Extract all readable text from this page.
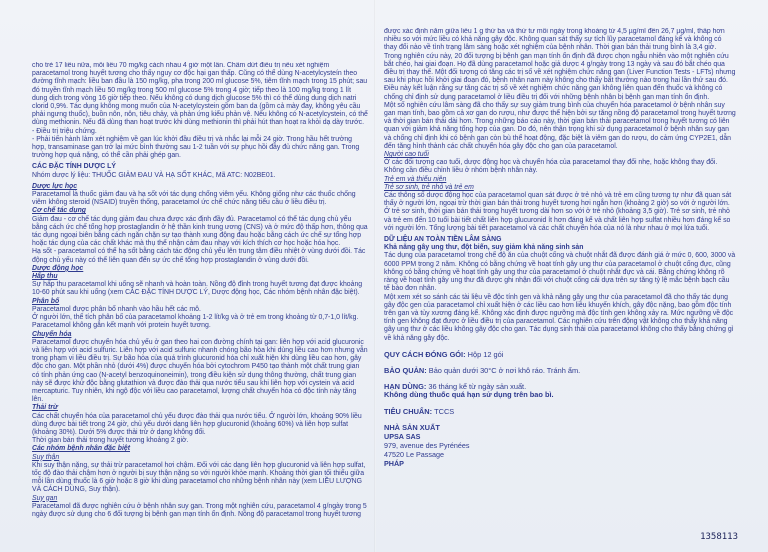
cho trẻ 17 liều nữa, mỗi liều 70 mg/kg cách nhau 4 giờ một lần. Chấm dứt điều trị nếu xét nghiệm paracetamol trong huyết tương cho thấy nguy cơ độc hại gan thấp. Cũng có thể dùng N-acetylcysteín theo đường tĩnh mạch: liều ban đầu là 150 mg/kg, pha trong 200 ml glucose 5%, tiêm tĩnh mạch trong 15 phút; sau đó truyền tĩnh mạch liều 50 mg/kg trong 500 ml glucose 5% trong 4 giờ; tiếp theo là 100 mg/kg trong 1 lít dung dịch trong vòng 16 giờ tiếp theo. Nếu không có dung dịch glucose 5% thì có thể dùng dung dịch natri clorid 0,9%. Tác dụng không mong muốn của N-acetylcystein gồm ban da (gồm cả mày đay, không yêu cầu phải ngưng thuốc), buồn nôn, nôn, tiêu chảy, và phản ứng kiểu phản vệ. Nếu không có N-acetylcystein, có thể dùng methionin. Nếu đã dùng than hoạt trước khi dùng methionin thì phải hút than hoạt ra khỏi dạ dày trước.

- Điều trị triệu chứng.

- Phải tiến hành làm xét nghiệm về gan lúc khởi đầu điều trị và nhắc lại mỗi 24 giờ. Trong hầu hết trường hợp, transaminase gan trở lại mức bình thường sau 1-2 tuần với sự phục hồi đầy đủ chức năng gan. Trong trường hợp quá nặng, có thể cần phải ghép gan.

CÁC ĐẶC TÍNH DƯỢC LÝ

Nhóm dược lý liệu: THUỐC GIẢM ĐAU VÀ HẠ SỐT KHÁC, Mã ATC: N02BE01.

Dược lực học

Paracetamol là thuốc giảm đau và hạ sốt với tác dụng chống viêm yếu. Không giống như các thuốc chống viêm không steroid (NSAID) truyền thống, paracetamol ức chế chức năng tiểu cầu ở liều điều trị.

Cơ chế tác dụng

Giảm đau - cơ chế tác dụng giảm đau chưa được xác định đầy đủ. Paracetamol có thể tác dụng chủ yếu bằng cách ức chế tổng hợp prostaglandin ở hệ thần kinh trung ương (CNS) và ở mức độ thấp hơn, thông qua tác dụng ngoại biên bằng cách ngăn chặn sự tạo thành xung động đau hoặc bằng cách ức chế sự tổng hợp hoặc tác dụng của các chất khác mà thụ thể nhận cảm đau nhạy với kích thích cơ học hoặc hóa học.

Hạ sốt - paracetamol có thể hạ sốt bằng cách tác động chủ yếu lên trung tâm điều nhiệt ở vùng dưới đồi. Tác động chủ yếu này có thể liên quan đến sự ức chế tổng hợp prostaglandin ở vùng dưới đồi.

Dược động học

Hấp thu

Sự hấp thu paracetamol khi uống sẽ nhanh và hoàn toàn. Nồng độ đỉnh trong huyết tương đạt được khoảng 10-60 phút sau khi uống (xem CÁC ĐẶC TÍNH DƯỢC LÝ, Dược động học, Các nhóm bệnh nhân đặc biệt).

Phân bố

Paracetamol được phân bố nhanh vào hầu hết các mô.

Ở người lớn, thể tích phân bố của paracetamol khoảng 1-2 lít/kg và ở trẻ em trong khoảng từ 0,7-1,0 lít/kg. Paracetamol không gắn kết mạnh với protein huyết tương.

Chuyển hóa

Paracetamol được chuyển hóa chủ yếu ở gan theo hai con đường chính tại gan: liên hợp với acid glucuronic và liên hợp với acid sulfuric. Liên hợp với acid sulfuric nhanh chóng bão hòa khi dùng liều cao hơn nhưng vẫn trong phạm vi liều điều trị. Sự bão hòa của quá trình glucuronid hóa chỉ xuất hiện khi dùng liều cao hơn, gây độc cho gan. Một phần nhỏ (dưới 4%) được chuyển hóa bởi cytochrom P450 tạo thành một chất trung gian có tính phản ứng cao (N-acetyl benzoquinoneimin), trong điều kiện sử dụng thông thường, chất trung gian này sẽ được khử độc bằng glutathion và được đào thải qua nước tiểu sau khi liên hợp với cystein và acid mercapturic. Tuy nhiên, khi ngộ độc với liều cao paracetamol, lượng chất chuyển hóa có độc tính này tăng lên.

Thải trừ

Các chất chuyển hóa của paracetamol chủ yếu được đào thải qua nước tiểu. Ở người lớn, khoảng 90% liều dùng được bài tiết trong 24 giờ, chủ yếu dưới dạng liên hợp glucuronid (khoảng 60%) và liên hợp sulfat (khoảng 30%). Dưới 5% được thải trừ ở dạng không đổi.

Thời gian bán thải trong huyết tương khoảng 2 giờ.

Các nhóm bệnh nhân đặc biệt

Suy thận

Khi suy thận nặng, sự thải trừ paracetamol hơi chậm. Đối với các dạng liên hợp glucuronid và liên hợp sulfat, tốc độ đào thải chậm hơn ở người bị suy thận nặng so với người khỏe mạnh. Khoảng thời gian tối thiểu giữa mỗi lần dùng thuốc là 6 giờ hoặc 8 giờ khi dùng paracetamol cho những bệnh nhân này (xem LIỀU LƯỢNG VÀ CÁCH DÙNG, Suy thận).

Suy gan

Paracetamol đã được nghiên cứu ở bệnh nhân suy gan. Trong một nghiên cứu, paracetamol 4 g/ngày trong 5 ngày được sử dụng cho 6 đối tượng bị bệnh gan mạn tính ổn định. Nồng độ paracetamol trong huyết tương

được xác định nằm giữa liều 1 g thứ ba và thứ tư mỗi ngày trong khoảng từ 4,5 µg/ml đến 26,7 µg/ml, thấp hơn nhiều so với mức liều có khả năng gây độc. Không quan sát thấy sự tích lũy paracetamol đáng kể và không có thay đổi nào về tình trạng lâm sàng hoặc xét nghiệm của bệnh nhân. Thời gian bán thải trung bình là 3,4 giờ.

Trong nghiên cứu này, 20 đối tượng bị bệnh gan mạn tính ổn định đã được chọn ngẫu nhiên vào một nghiên cứu bắt chéo, hai giai đoạn. Họ đã dùng paracetamol hoặc giả dược 4 g/ngày trong 13 ngày và sau đó bắt chéo qua điều trị thay thế. Một đối tượng có tăng các trị số về xét nghiệm chức năng gan (Liver Function Tests - LFTs) nhưng sau khi phục hồi khởi giai đoạn đó, bệnh nhân nam này không cho thấy bất thường nào trong hai lần thử sau đó. Điều này kết luận rằng sự tăng các trị số về xét nghiệm chức năng gan không liên quan đến thuốc và không có chống chỉ định sử dụng paracetamol ở liều điều trị đối với những bệnh nhân bị bệnh gan mạn tính ổn định.

Một số nghiên cứu lâm sàng đã cho thấy sự suy giảm trung bình của chuyển hóa paracetamol ở bệnh nhân suy gan mạn tính, bao gồm cả xơ gan do rượu, như được thể hiện bởi sự tăng nồng độ paracetamol trong huyết tương và thời gian bán thải dài hơn. Trong những báo cáo này, thời gian bán thải paracetamol trong huyết tương có liên quan với giảm khả năng tổng hợp của gan. Do đó, nên thận trọng khi sử dụng paracetamol ở bệnh nhân suy gan và chống chỉ định khi có bệnh gan còn bù thể hoạt động, đặc biệt là viêm gan do rượu, do cảm ứng CYP2E1, dẫn đến tăng hình thành các chất chuyển hóa gây độc cho gan của paracetamol.

Người cao tuổi

Ở các đối tượng cao tuổi, dược động học và chuyển hóa của paracetamol thay đổi nhẹ, hoặc không thay đổi. Không cần điều chỉnh liều ở nhóm bệnh nhân này.

Trẻ em và thiếu niên

Trẻ sơ sinh, trẻ nhỏ và trẻ em

Các thông số dược động học của paracetamol quan sát được ở trẻ nhỏ và trẻ em cũng tương tự như đã quan sát thấy ở người lớn, ngoại trừ thời gian bán thải trong huyết tương hơi ngắn hơn (khoảng 2 giờ) so với ở người lớn. Ở trẻ sơ sinh, thời gian bán thải trong huyết tương dài hơn so với ở trẻ nhỏ (khoảng 3,5 giờ). Trẻ sơ sinh, trẻ nhỏ và trẻ em đến 10 tuổi bài tiết chất liên hợp glucuronid ít hơn đáng kể và chất liên hợp sulfat nhiều hơn đáng kể so với người lớn. Tổng lượng bài tiết paracetamol và các chất chuyển hóa của nó là như nhau ở mọi lứa tuổi.

DỮ LIỆU AN TOÀN TIỀN LÂM SÀNG

Khả năng gây ung thư, đột biến, suy giảm khả năng sinh sản

Tác dụng của paracetamol trong chế độ ăn của chuột cống và chuột nhắt đã được đánh giá ở mức 0, 600, 3000 và 6000 PPM trong 2 năm. Không có bằng chứng về hoạt tính gây ung thư của paracetamol ở chuột cống đực, cũng không có bằng chứng về hoạt tính gây ung thư của paracetamol ở chuột nhắt đực và cái. Bằng chứng không rõ ràng về hoạt tính gây ung thư đã được ghi nhận đối với chuột cống cái dựa trên sự tăng tỷ lệ mắc bệnh bạch cầu tế bào đơn nhân.

Một xem xét so sánh các tài liệu về độc tính gen và khả năng gây ung thư của paracetamol đã cho thấy tác dụng gây độc gen của paracetamol chỉ xuất hiện ở các liều cao hơn liều khuyến khích, gây độc nặng, bao gồm độc tính trên gan và tủy xương đáng kể. Không xác định được ngưỡng mà độc tính gen không xảy ra. Mức ngưỡng về độc tính gen không đạt được ở liều điều trị của paracetamol. Các nghiên cứu trên động vật không cho thấy khả năng gây ung thư ở các liều không gây độc cho gan. Tác dụng sinh thái của paracetamol không cho thấy bằng chứng gì về khả năng gây độc.

QUY CÁCH ĐÓNG GÓI: Hộp 12 gói

BẢO QUẢN: Bảo quản dưới 30°C ở nơi khô ráo. Tránh ẩm.

HẠN DÙNG: 36 tháng kể từ ngày sản xuất.

Không dùng thuốc quá hạn sử dụng trên bao bì.

TIÊU CHUẨN: TCCS

NHÀ SẢN XUẤT

UPSA SAS

979, avenue des Pyrénées

47520 Le Passage

PHÁP

1358113
